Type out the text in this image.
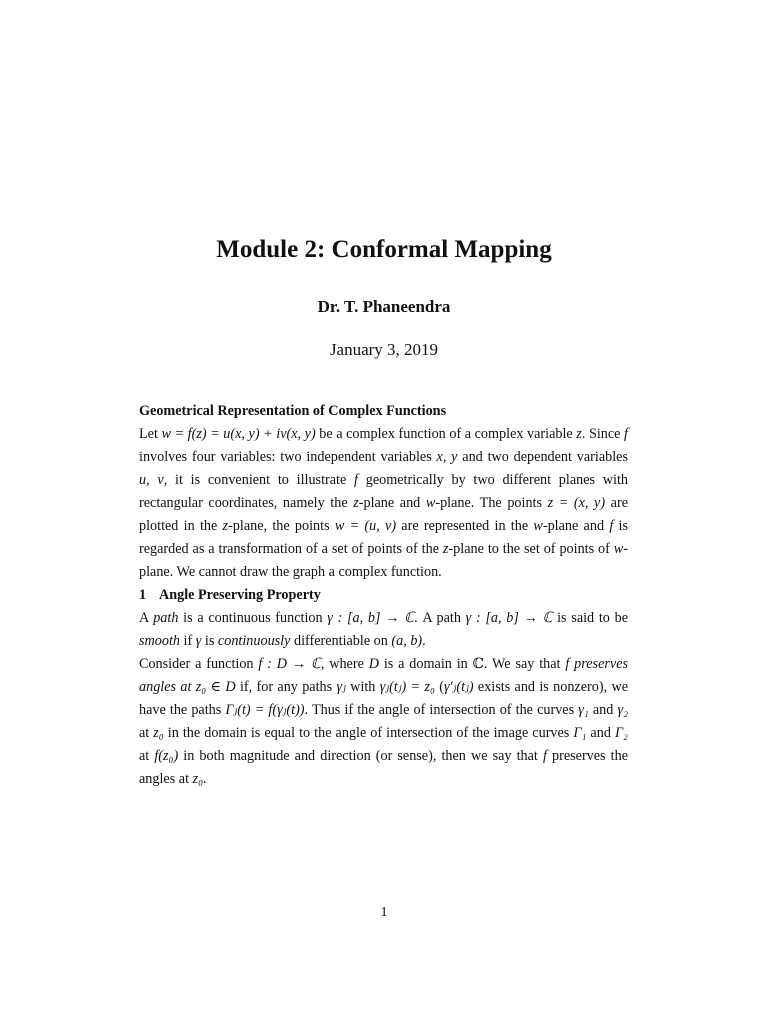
Module 2: Conformal Mapping
Dr. T. Phaneendra
January 3, 2019
Geometrical Representation of Complex Functions

Let w = f(z) = u(x, y) + iv(x, y) be a complex function of a complex variable z. Since f involves four variables: two independent variables x, y and two dependent variables u, v, it is convenient to illustrate f geometrically by two different planes with rectangular coordinates, namely the z-plane and w-plane. The points z = (x, y) are plotted in the z-plane, the points w = (u, v) are represented in the w-plane and f is regarded as a transformation of a set of points of the z-plane to the set of points of w-plane. We cannot draw the graph a complex function.

1 Angle Preserving Property

A path is a continuous function γ : [a, b] → ℂ. A path γ : [a, b] → ℂ is said to be smooth if γ is continuously differentiable on (a, b).

Consider a function f : D → ℂ, where D is a domain in ℂ. We say that f preserves angles at z₀ ∈ D if, for any paths γⱼ with γⱼ(tⱼ) = z₀ (γ′ⱼ(tⱼ) exists and is nonzero), we have the paths Γⱼ(t) = f(γⱼ(t)). Thus if the angle of intersection of the curves γ₁ and γ₂ at z₀ in the domain is equal to the angle of intersection of the image curves Γ₁ and Γ₂ at f(z₀) in both magnitude and direction (or sense), then we say that f preserves the angles at z₀.

1
